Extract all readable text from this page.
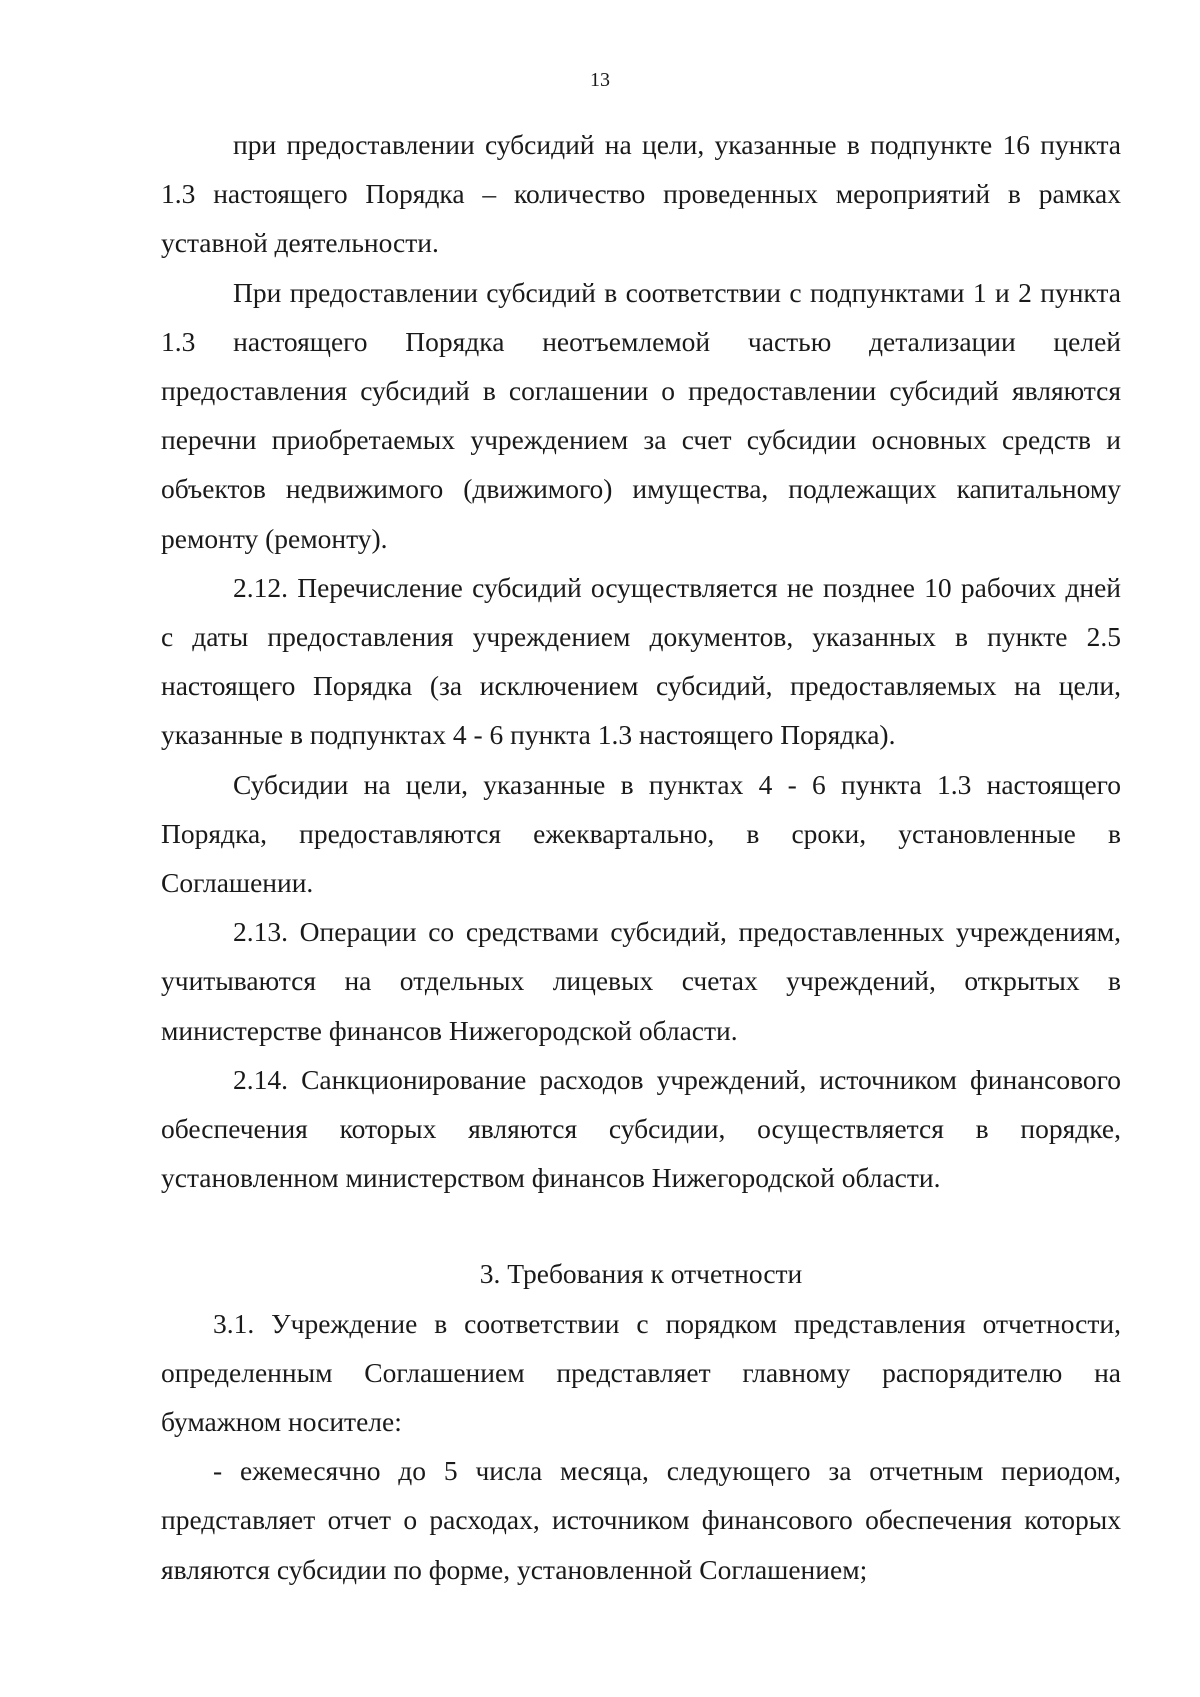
13

при предоставлении субсидий на цели, указанные в подпункте 16 пункта 1.3 настоящего Порядка – количество проведенных мероприятий в рамках уставной деятельности.

При предоставлении субсидий в соответствии с подпунктами 1 и 2 пункта 1.3 настоящего Порядка неотъемлемой частью детализации целей предоставления субсидий в соглашении о предоставлении субсидий являются перечни приобретаемых учреждением за счет субсидии основных средств и объектов недвижимого (движимого) имущества, подлежащих капитальному ремонту (ремонту).

2.12. Перечисление субсидий осуществляется не позднее 10 рабочих дней с даты предоставления учреждением документов, указанных в пункте 2.5 настоящего Порядка (за исключением субсидий, предоставляемых на цели, указанные в подпунктах 4 - 6 пункта 1.3 настоящего Порядка).

Субсидии на цели, указанные в пунктах 4 - 6 пункта 1.3 настоящего Порядка, предоставляются ежеквартально, в сроки, установленные в Соглашении.

2.13. Операции со средствами субсидий, предоставленных учреждениям, учитываются на отдельных лицевых счетах учреждений, открытых в министерстве финансов Нижегородской области.

2.14. Санкционирование расходов учреждений, источником финансового обеспечения которых являются субсидии, осуществляется в порядке, установленном министерством финансов Нижегородской области.

3. Требования к отчетности

3.1. Учреждение в соответствии с порядком представления отчетности, определенным Соглашением представляет главному распорядителю на бумажном носителе:

- ежемесячно до 5 числа месяца, следующего за отчетным периодом, представляет отчет о расходах, источником финансового обеспечения которых являются субсидии по форме, установленной Соглашением;
